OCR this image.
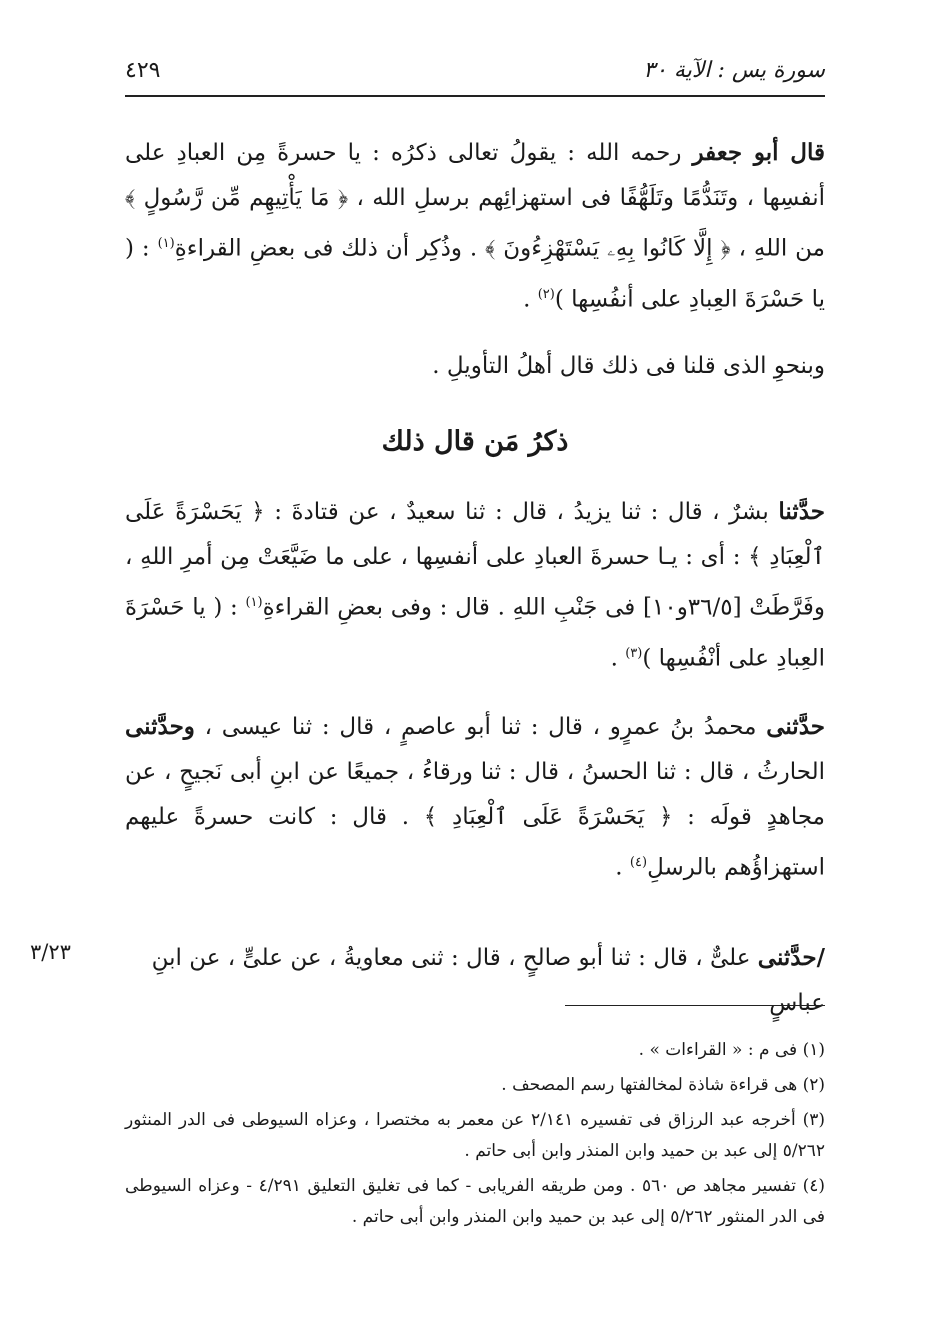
٤٢٩	سورة يس : الآية ٣٠

قال أبو جعفر رحمه الله : يقولُ تعالى ذكرُه : يا حسرةً مِن العبادِ على أنفسِها ، وتَنَدُّمًا وتَلَهُّفًا فى استهزائِهم برسلِ الله ، ﴿ مَا يَأْتِيهِم مِّن رَّسُولٍ ﴾ من اللهِ ، ﴿ إِلَّا كَانُوا بِهِۦ يَسْتَهْزِءُونَ ﴾ . وذُكِر أن ذلك فى بعضِ القراءةِ$^{(١)}$ : ( يا حَسْرَةَ العِبادِ على أنفُسِها )$^{(٢)}$ .

وبنحوِ الذى قلنا فى ذلك قال أهلُ التأويلِ .

ذكرُ مَن قال ذلك

حدَّثنا بشرٌ ، قال : ثنا يزيدُ ، قال : ثنا سعيدٌ ، عن قتادةَ : ﴿ يَحَسْرَةً عَلَى ٱلْعِبَادِ ﴾ : أى : يـا حسرةَ العبادِ على أنفسِها ، على ما ضَيَّعَتْ مِن أمرِ اللهِ ، وفَرَّطَتْ [٣٦/٥و١٠] فى جَنْبِ اللهِ . قال : وفى بعضِ القراءةِ$^{(١)}$ : ( يا حَسْرَةَ العِبادِ على أنْفُسِها )$^{(٣)}$ .

حدَّثنى محمدُ بنُ عمرٍو ، قال : ثنا أبو عاصمٍ ، قال : ثنا عيسى ، وحدَّثنى الحارثُ ، قال : ثنا الحسنُ ، قال : ثنا ورقاءُ ، جميعًا عن ابنِ أبى نَجيحٍ ، عن مجاهدٍ قولَه : ﴿ يَحَسْرَةً عَلَى ٱلْعِبَادِ ﴾ . قال : كانت حسرةً عليهم استهزاؤُهم بالرسلِ$^{(٤)}$ .

/حدَّثنى علىٌّ ، قال : ثنا أبو صالحٍ ، قال : ثنى معاويةُ ، عن علىٍّ ، عن ابنِ عباسٍ
٣/٢٣

(١) فى م : « القراءات » .

(٢) هى قراءة شاذة لمخالفتها رسم المصحف .

(٣) أخرجه عبد الرزاق فى تفسيره ٢/١٤١ عن معمر به مختصرا ، وعزاه السيوطى فى الدر المنثور ٥/٢٦٢ إلى عبد بن حميد وابن المنذر وابن أبى حاتم .

(٤) تفسير مجاهد ص ٥٦٠ . ومن طريقه الفريابى - كما فى تغليق التعليق ٤/٢٩١ - وعزاه السيوطى فى الدر المنثور ٥/٢٦٢ إلى عبد بن حميد وابن المنذر وابن أبى حاتم .
